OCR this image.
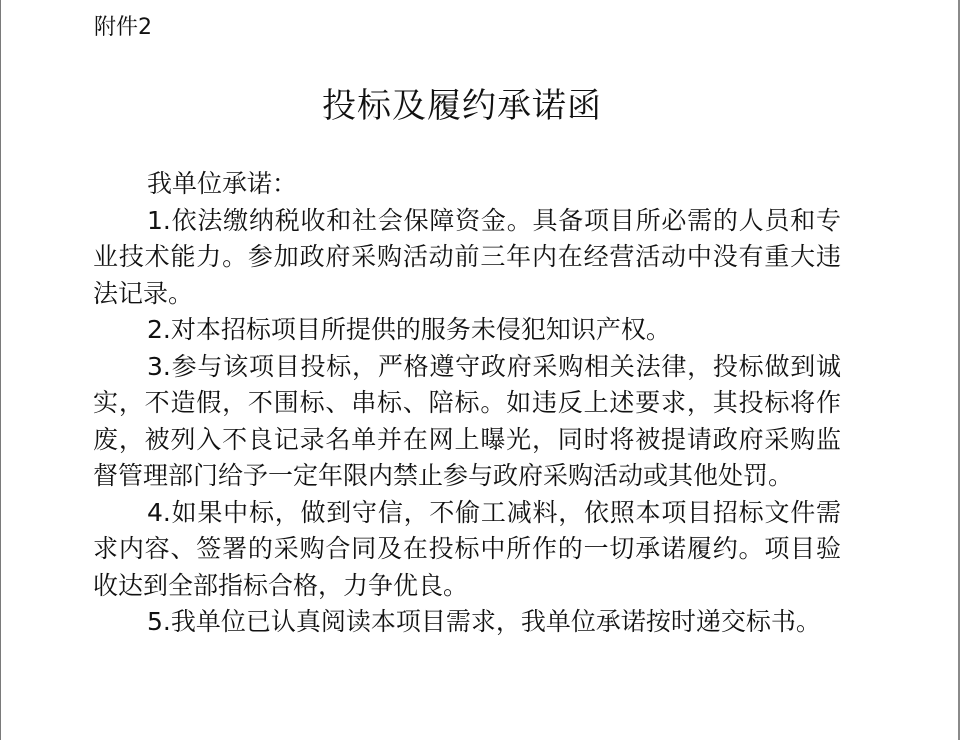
附件2
投标及履约承诺函

我单位承诺：

1.依法缴纳税收和社会保障资金。具备项目所必需的人员和专业技术能力。参加政府采购活动前三年内在经营活动中没有重大违法记录。

2.对本招标项目所提供的服务未侵犯知识产权。

3.参与该项目投标，严格遵守政府采购相关法律，投标做到诚实，不造假，不围标、串标、陪标。如违反上述要求，其投标将作废，被列入不良记录名单并在网上曝光，同时将被提请政府采购监督管理部门给予一定年限内禁止参与政府采购活动或其他处罚。

4.如果中标，做到守信，不偷工减料，依照本项目招标文件需求内容、签署的采购合同及在投标中所作的一切承诺履约。项目验收达到全部指标合格，力争优良。

5.我单位已认真阅读本项目需求，我单位承诺按时递交标书。
